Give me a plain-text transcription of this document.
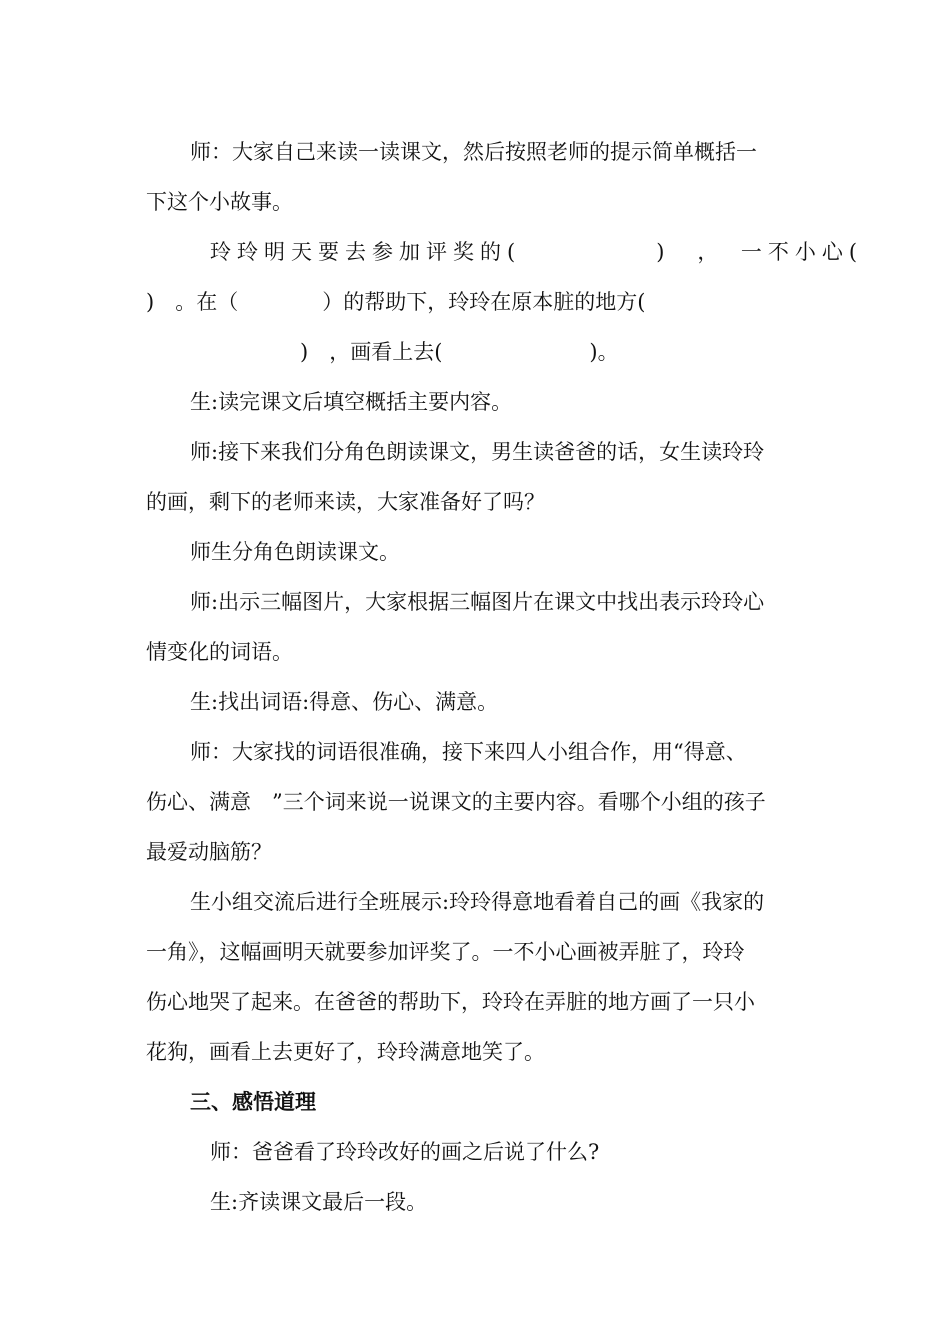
师：大家自己来读一读课文，然后按照老师的提示简单概括一

下这个小故事。

玲玲明天要去参加评奖的(　　　　　)　，　一不小心(

)　。在（　　　　）的帮助下，玲玲在原本脏的地方(

)　，画看上去(　　　　　　　)。

生:读完课文后填空概括主要内容。

师:接下来我们分角色朗读课文，男生读爸爸的话，女生读玲玲

的画，剩下的老师来读，大家准备好了吗？

师生分角色朗读课文。

师:出示三幅图片，大家根据三幅图片在课文中找出表示玲玲心

情变化的词语。

生:找出词语:得意、伤心、满意。

师：大家找的词语很准确，接下来四人小组合作，用“得意、

伤心、满意　”三个词来说一说课文的主要内容。看哪个小组的孩子

最爱动脑筋？

生小组交流后进行全班展示:玲玲得意地看着自己的画《我家的

一角》，这幅画明天就要参加评奖了。一不小心画被弄脏了，玲玲

伤心地哭了起来。在爸爸的帮助下，玲玲在弄脏的地方画了一只小

花狗，画看上去更好了，玲玲满意地笑了。

三、感悟道理

师：爸爸看了玲玲改好的画之后说了什么?

生:齐读课文最后一段。
